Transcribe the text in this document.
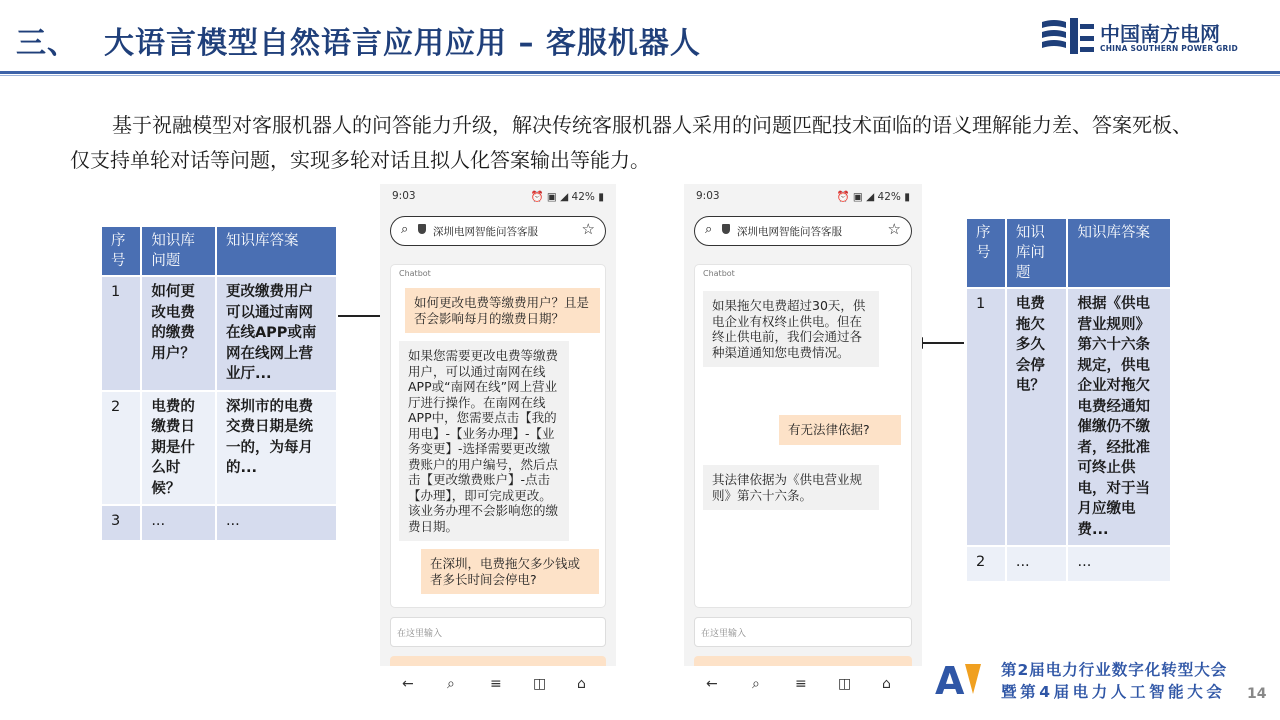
三、 大语言模型自然语言应用应用 – 客服机器人	中国南方电网
CHINA SOUTHERN POWER GRID
基于祝融模型对客服机器人的问答能力升级，解决传统客服机器人采用的问题匹配技术面临的语义理解能力差、答案死板、仅支持单轮对话等问题，实现多轮对话且拟人化答案输出等能力。
序号	知识库问题	知识库答案
1	如何更改电费的缴费用户？	更改缴费用户可以通过南网在线APP或南网在线网上营业厅...
2	电费的缴费日期是什么时候？	深圳市的电费交费日期是统一的，为每月的...
3	...	...
序号	知识库问题	知识库答案
1	电费拖欠多久会停电？	根据《供电营业规则》第六十六条规定，供电企业对拖欠电费经通知催缴仍不缴者，经批准可终止供电，对于当月应缴电费...
2	...	...
9:03	⏰ ▣ ◢ 42% ▮
⌕ 深圳电网智能问答客服	☆
Chatbot
如何更改电费等缴费用户？且是否会影响每月的缴费日期？
如果您需要更改电费等缴费用户，可以通过南网在线APP或“南网在线”网上营业厅进行操作。在南网在线APP中，您需要点击【我的用电】-【业务办理】-【业务变更】-选择需要更改缴费账户的用户编号，然后点击【更改缴费账户】-点击【办理】，即可完成更改。该业务办理不会影响您的缴费日期。
在深圳，电费拖欠多少钱或者多长时间会停电?
在这里输入
← ⌕	≡ ◫ ⌂
9:03	⏰ ▣ ◢ 42% ▮
⌕ 深圳电网智能问答客服	☆
Chatbot
如果拖欠电费超过30天，供电企业有权终止供电。但在终止供电前，我们会通过各种渠道通知您电费情况。
有无法律依据?
其法律依据为《供电营业规则》第六十六条。
在这里输入
← ⌕	≡ ◫ ⌂ A 第2届电力行业数字化转型大会
暨第4届电力人工智能大会 14
